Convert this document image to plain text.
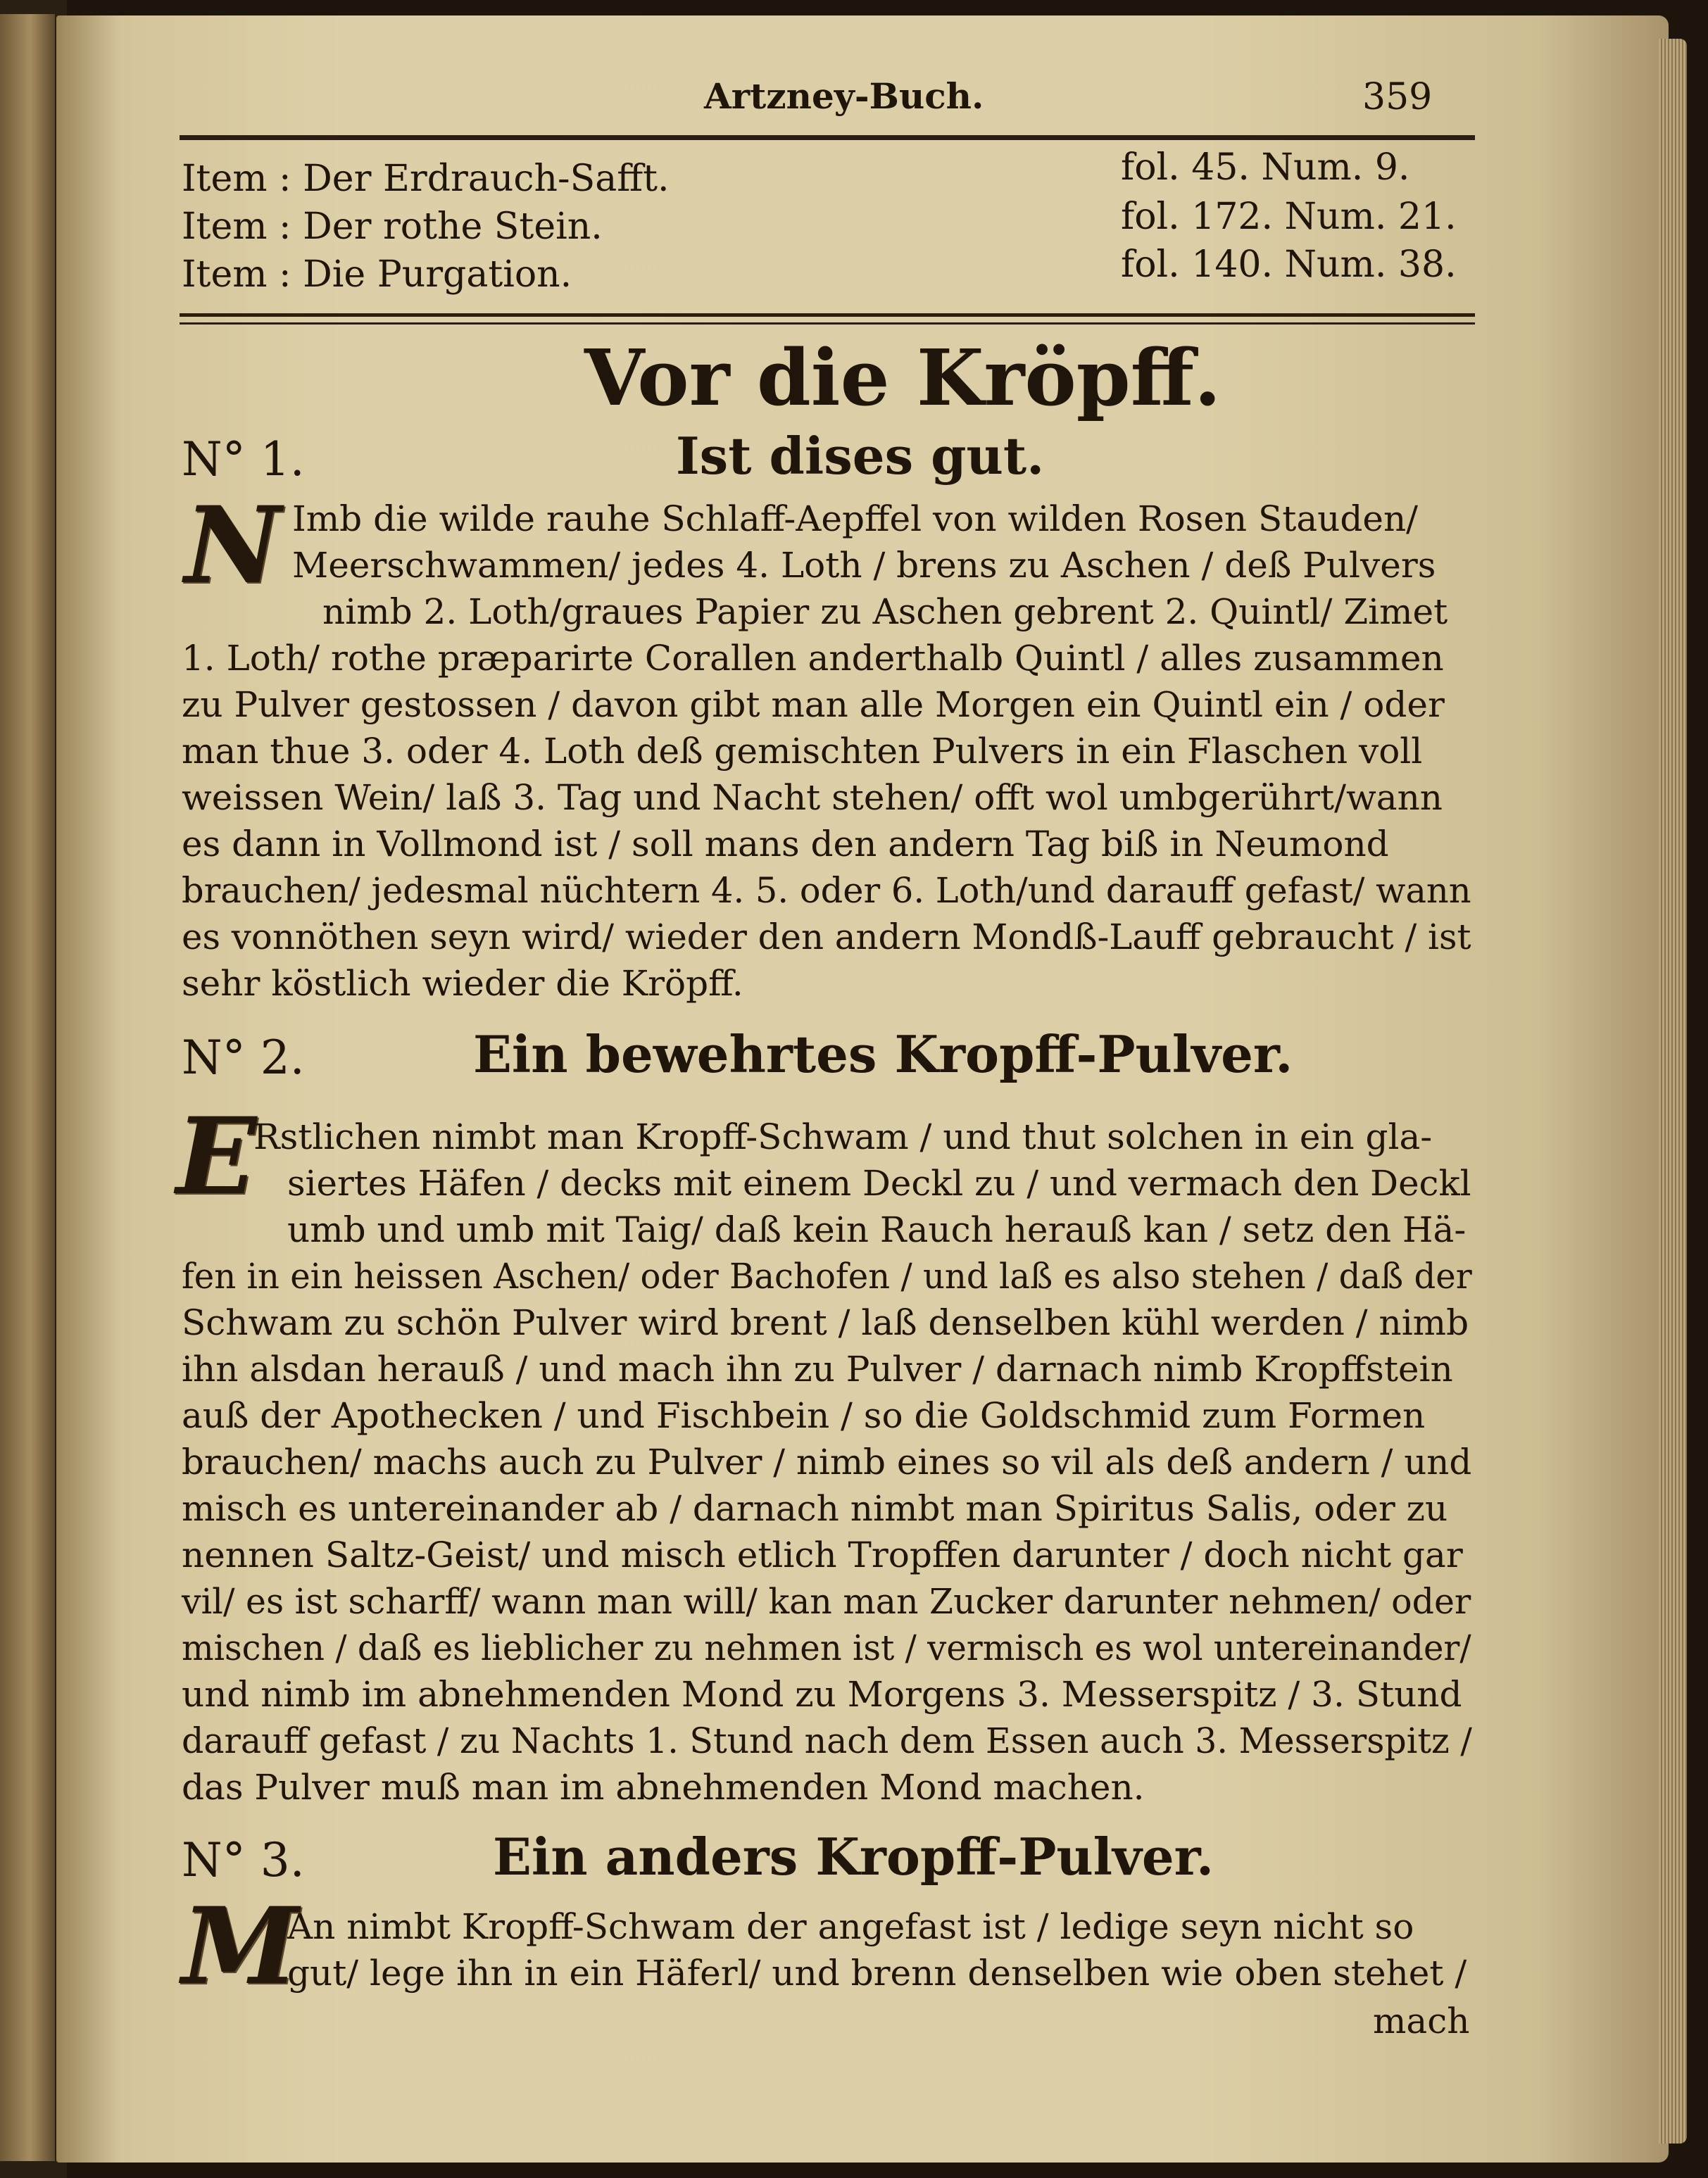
Artzney-Buch.	359
Item : Der Erdrauch-Safft.	fol. 45. Num. 9.
Item : Der rothe Stein.	fol. 172. Num. 21.
Item : Die Purgation.	fol. 140. Num. 38.
Vor die Kröpff.
N° 1.	Ist dises gut.
N Imb die wilde rauhe Schlaff-Aepffel von wilden Rosen Stauden/
Meerschwammen/ jedes 4. Loth / brens zu Aschen / deß Pulvers
nimb 2. Loth/graues Papier zu Aschen gebrent 2. Quintl/ Zimet
1. Loth/ rothe præparirte Corallen anderthalb Quintl / alles zusammen
zu Pulver gestossen / davon gibt man alle Morgen ein Quintl ein / oder
man thue 3. oder 4. Loth deß gemischten Pulvers in ein Flaschen voll
weissen Wein/ laß 3. Tag und Nacht stehen/ offt wol umbgerührt/wann
es dann in Vollmond ist / soll mans den andern Tag biß in Neumond
brauchen/ jedesmal nüchtern 4. 5. oder 6. Loth/und darauff gefast/ wann
es vonnöthen seyn wird/ wieder den andern Mondß-Lauff gebraucht / ist
sehr köstlich wieder die Kröpff.
N° 2.	Ein bewehrtes Kropff-Pulver.
E
Rstlichen nimbt man Kropff-Schwam / und thut solchen in ein gla-
siertes Häfen / decks mit einem Deckl zu / und vermach den Deckl
umb und umb mit Taig/ daß kein Rauch herauß kan / setz den Hä-
fen in ein heissen Aschen/ oder Bachofen / und laß es also stehen / daß der
Schwam zu schön Pulver wird brent / laß denselben kühl werden / nimb
ihn alsdan herauß / und mach ihn zu Pulver / darnach nimb Kropffstein
auß der Apothecken / und Fischbein / so die Goldschmid zum Formen
brauchen/ machs auch zu Pulver / nimb eines so vil als deß andern / und
misch es untereinander ab / darnach nimbt man Spiritus Salis, oder zu
nennen Saltz-Geist/ und misch etlich Tropffen darunter / doch nicht gar
vil/ es ist scharff/ wann man will/ kan man Zucker darunter nehmen/ oder
mischen / daß es lieblicher zu nehmen ist / vermisch es wol untereinander/
und nimb im abnehmenden Mond zu Morgens 3. Messerspitz / 3. Stund
darauff gefast / zu Nachts 1. Stund nach dem Essen auch 3. Messerspitz /
das Pulver muß man im abnehmenden Mond machen.
N° 3.	Ein anders Kropff-Pulver.
M
An nimbt Kropff-Schwam der angefast ist / ledige seyn nicht so
gut/ lege ihn in ein Häferl/ und brenn denselben wie oben stehet /
mach
